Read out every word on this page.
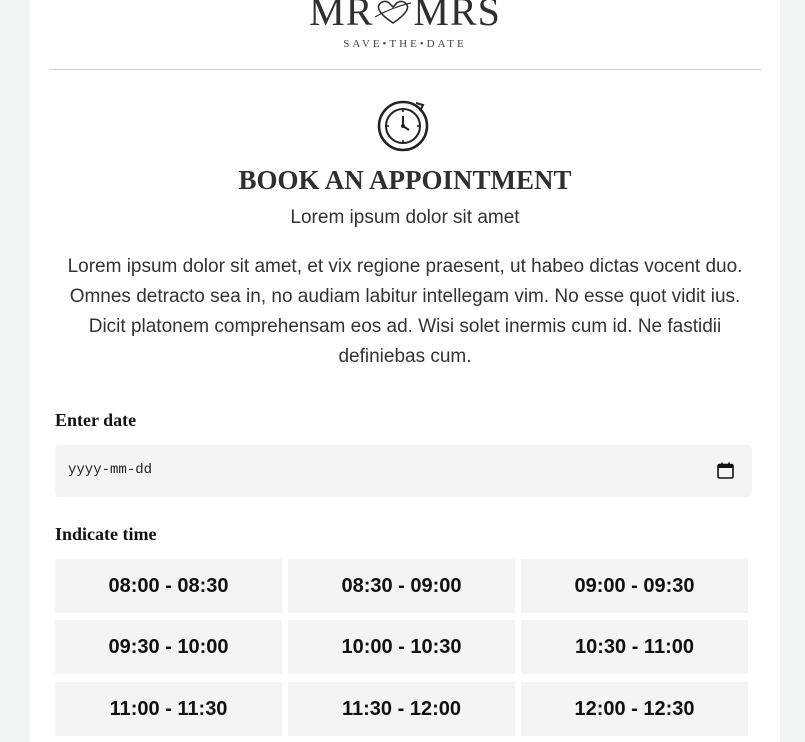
MR MRS
SAVE•THE•DATE
BOOK AN APPOINTMENT
Lorem ipsum dolor sit amet
Lorem ipsum dolor sit amet, et vix regione praesent, ut habeo dictas vocent duo. Omnes detracto sea in, no audiam labitur intellegam vim. No esse quot vidit ius. Dicit platonem comprehensam eos ad. Wisi solet inermis cum id. Ne fastidii definiebas cum.
Enter date
yyyy-mm-dd
Indicate time
08:00 - 08:30	08:30 - 09:00	09:00 - 09:30
09:30 - 10:00	10:00 - 10:30	10:30 - 11:00
11:00 - 11:30	11:30 - 12:00	12:00 - 12:30
